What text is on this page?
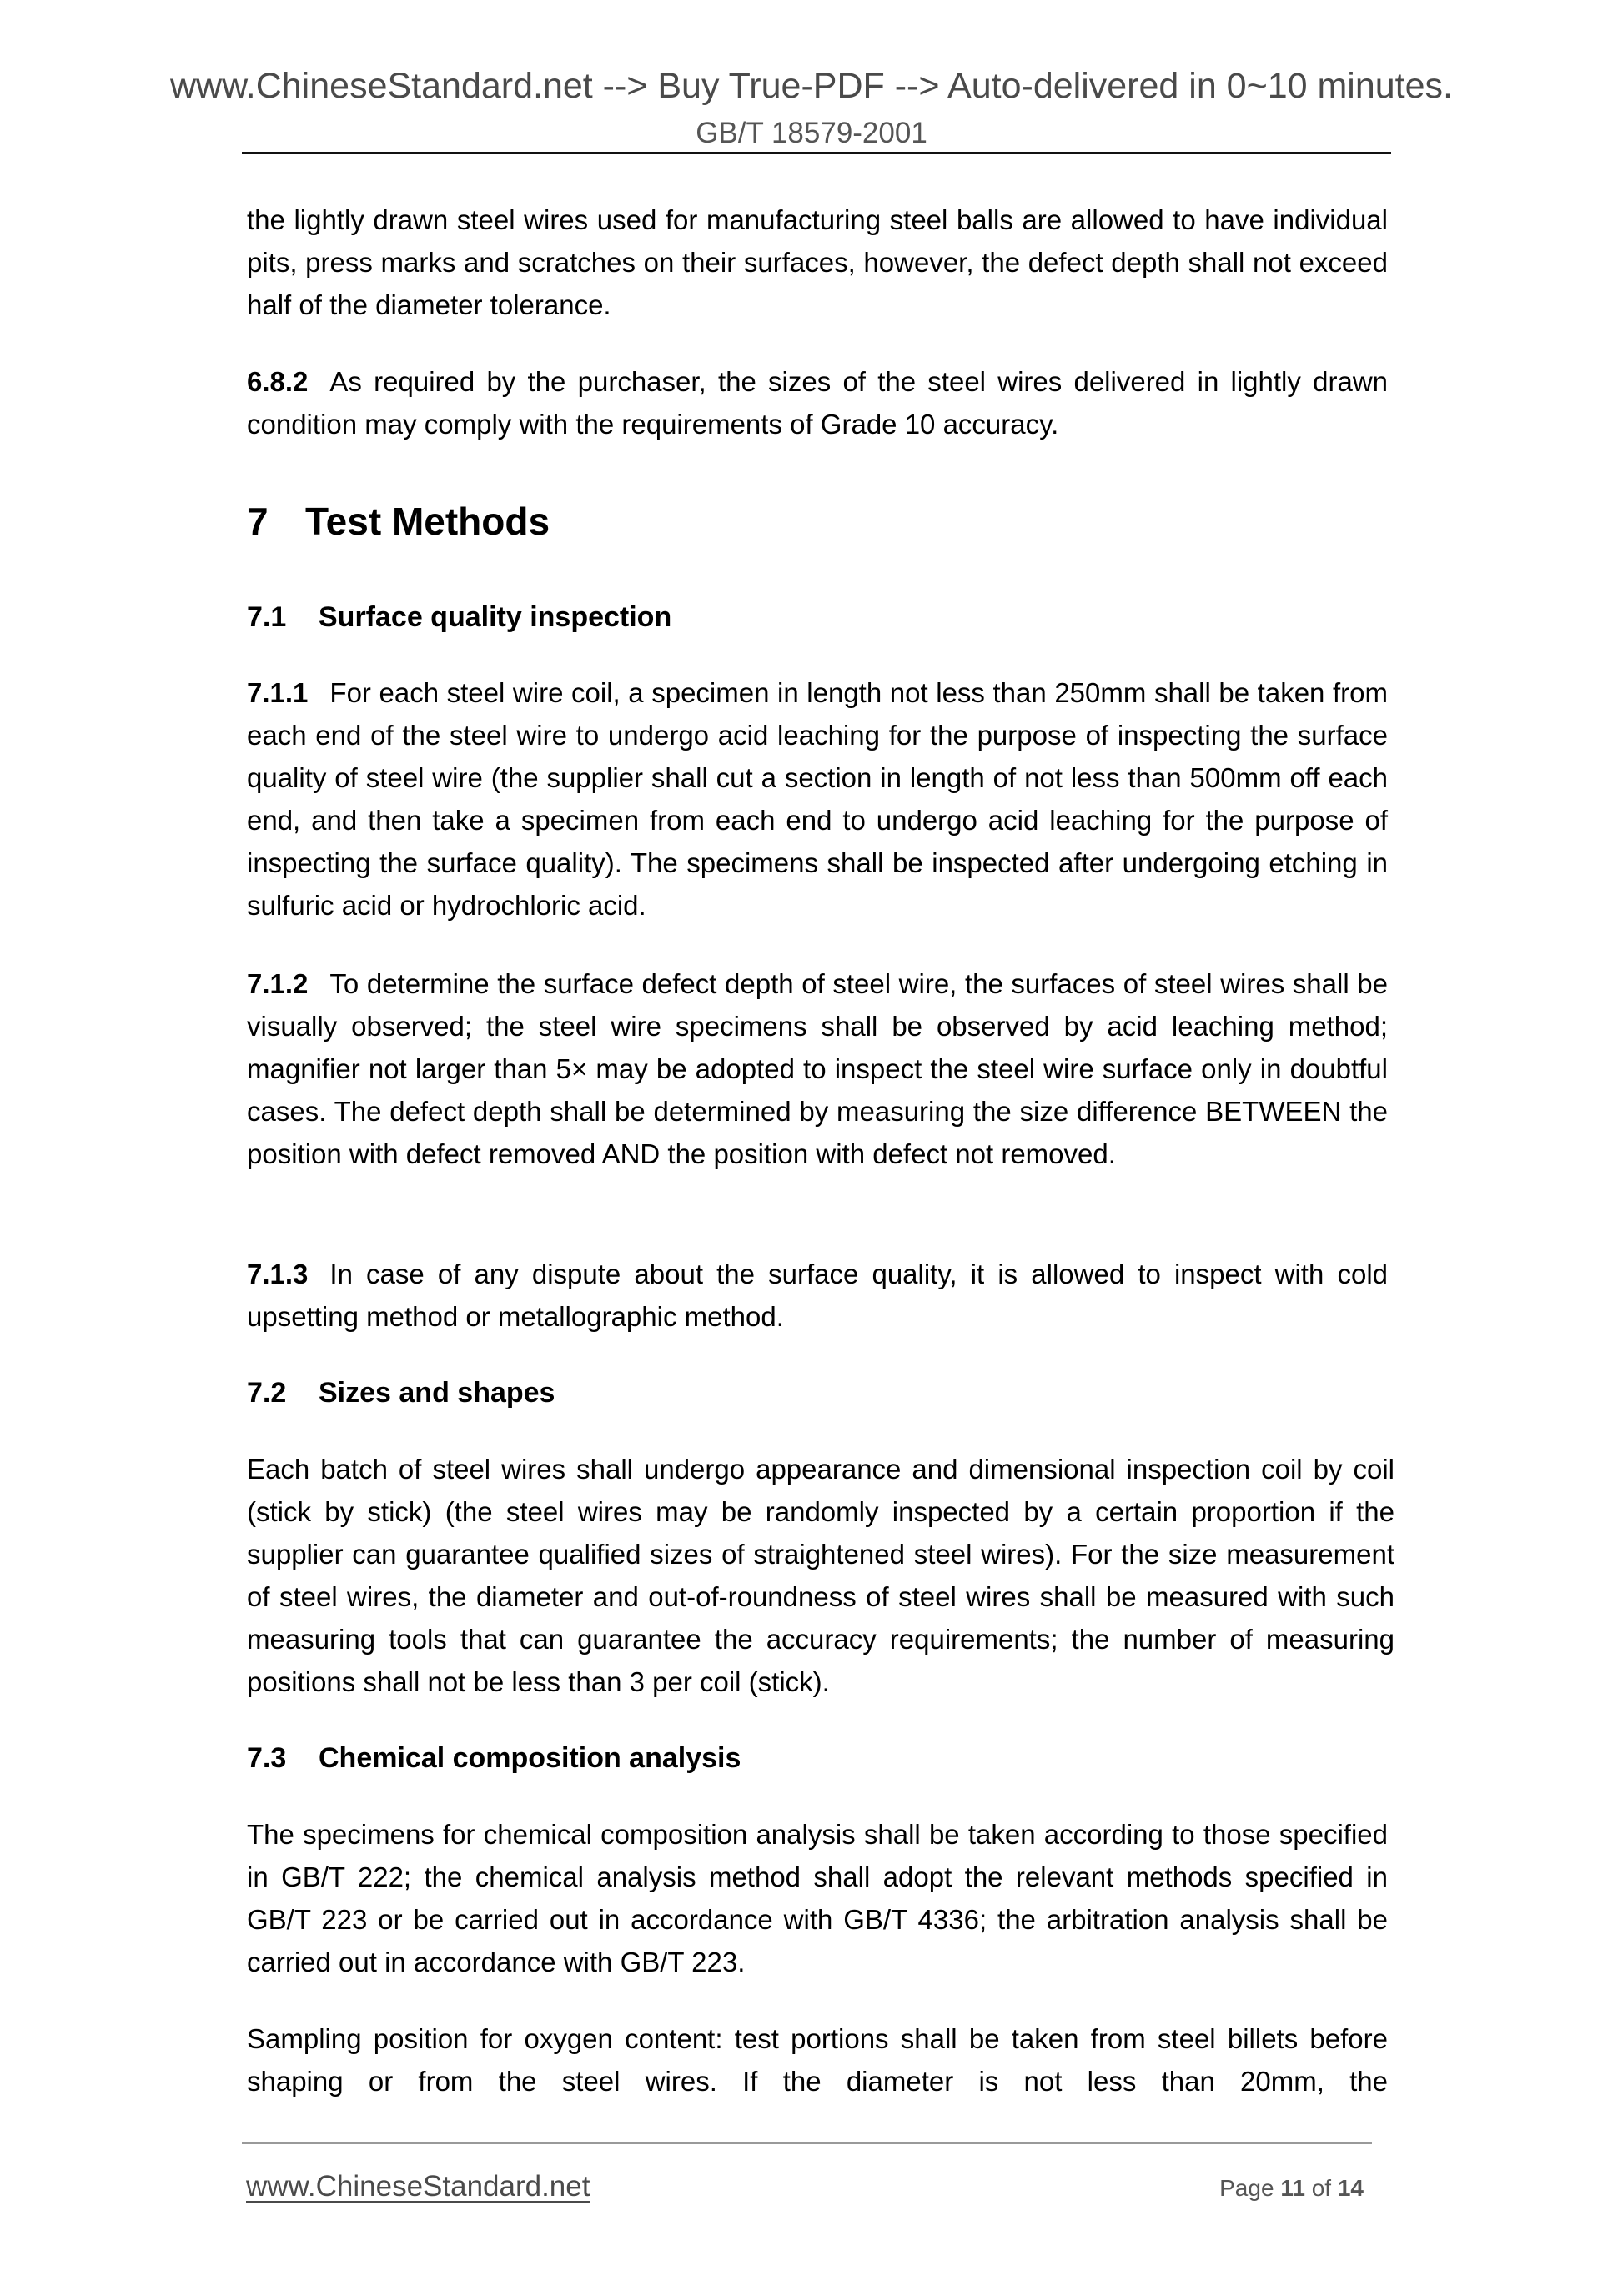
www.ChineseStandard.net --> Buy True-PDF --> Auto-delivered in 0~10 minutes.
GB/T 18579-2001

the lightly drawn steel wires used for manufacturing steel balls are allowed to have individual pits, press marks and scratches on their surfaces, however, the defect depth shall not exceed half of the diameter tolerance.

6.8.2 As required by the purchaser, the sizes of the steel wires delivered in lightly drawn condition may comply with the requirements of Grade 10 accuracy.

7 Test Methods
7.1 Surface quality inspection

7.1.1 For each steel wire coil, a specimen in length not less than 250mm shall be taken from each end of the steel wire to undergo acid leaching for the purpose of inspecting the surface quality of steel wire (the supplier shall cut a section in length of not less than 500mm off each end, and then take a specimen from each end to undergo acid leaching for the purpose of inspecting the surface quality). The specimens shall be inspected after undergoing etching in sulfuric acid or hydrochloric acid.

7.1.2 To determine the surface defect depth of steel wire, the surfaces of steel wires shall be visually observed; the steel wire specimens shall be observed by acid leaching method; magnifier not larger than 5× may be adopted to inspect the steel wire surface only in doubtful cases. The defect depth shall be determined by measuring the size difference BETWEEN the position with defect removed AND the position with defect not removed.

7.1.3 In case of any dispute about the surface quality, it is allowed to inspect with cold upsetting method or metallographic method.

7.2 Sizes and shapes

Each batch of steel wires shall undergo appearance and dimensional inspection coil by coil (stick by stick) (the steel wires may be randomly inspected by a certain proportion if the supplier can guarantee qualified sizes of straightened steel wires). For the size measurement of steel wires, the diameter and out-of-roundness of steel wires shall be measured with such measuring tools that can guarantee the accuracy requirements; the number of measuring positions shall not be less than 3 per coil (stick).

7.3 Chemical composition analysis

The specimens for chemical composition analysis shall be taken according to those specified in GB/T 222; the chemical analysis method shall adopt the relevant methods specified in GB/T 223 or be carried out in accordance with GB/T 4336; the arbitration analysis shall be carried out in accordance with GB/T 223.

Sampling position for oxygen content: test portions shall be taken from steel billets before shaping or from the steel wires. If the diameter is not less than 20mm, the

www.ChineseStandard.net	Page 11 of 14
